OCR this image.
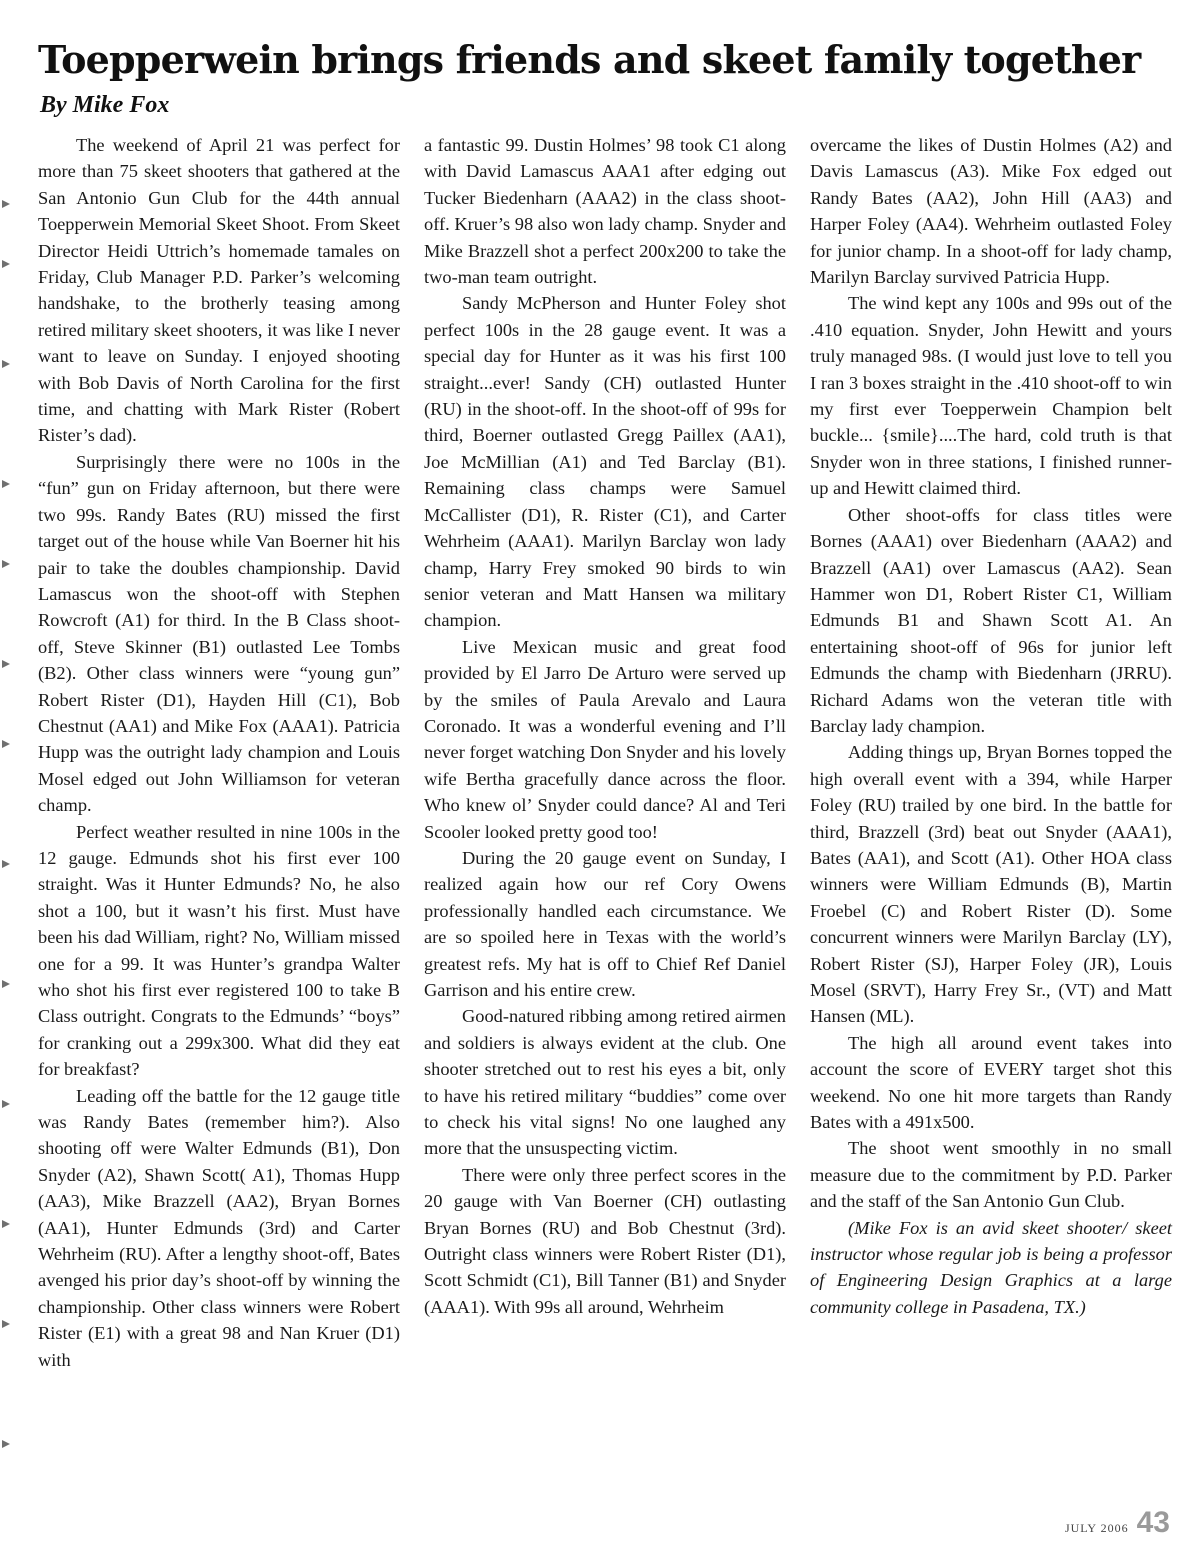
Toepperwein brings friends and skeet family together
By Mike Fox

The weekend of April 21 was perfect for more than 75 skeet shooters that gathered at the San Antonio Gun Club for the 44th annual Toepperwein Memorial Skeet Shoot. From Skeet Director Heidi Uttrich’s homemade tamales on Friday, Club Manager P.D. Parker’s welcoming handshake, to the brotherly teasing among retired military skeet shooters, it was like I never want to leave on Sunday. I enjoyed shooting with Bob Davis of North Carolina for the first time, and chatting with Mark Rister (Robert Rister’s dad).

Surprisingly there were no 100s in the “fun” gun on Friday afternoon, but there were two 99s. Randy Bates (RU) missed the first target out of the house while Van Boerner hit his pair to take the doubles championship. David Lamascus won the shoot-off with Stephen Rowcroft (A1) for third. In the B Class shoot-off, Steve Skinner (B1) outlasted Lee Tombs (B2). Other class winners were “young gun” Robert Rister (D1), Hayden Hill (C1), Bob Chestnut (AA1) and Mike Fox (AAA1). Patricia Hupp was the outright lady champion and Louis Mosel edged out John Williamson for veteran champ.

Perfect weather resulted in nine 100s in the 12 gauge. Edmunds shot his first ever 100 straight. Was it Hunter Edmunds? No, he also shot a 100, but it wasn’t his first. Must have been his dad William, right? No, William missed one for a 99. It was Hunter’s grandpa Walter who shot his first ever registered 100 to take B Class outright. Congrats to the Edmunds’ “boys” for cranking out a 299x300. What did they eat for breakfast?

Leading off the battle for the 12 gauge title was Randy Bates (remember him?). Also shooting off were Walter Edmunds (B1), Don Snyder (A2), Shawn Scott( A1), Thomas Hupp (AA3), Mike Brazzell (AA2), Bryan Bornes (AA1), Hunter Edmunds (3rd) and Carter Wehrheim (RU). After a lengthy shoot-off, Bates avenged his prior day’s shoot-off by winning the championship. Other class winners were Robert Rister (E1) with a great 98 and Nan Kruer (D1) with

a fantastic 99. Dustin Holmes’ 98 took C1 along with David Lamascus AAA1 after edging out Tucker Biedenharn (AAA2) in the class shoot-off. Kruer’s 98 also won lady champ. Snyder and Mike Brazzell shot a perfect 200x200 to take the two-man team outright.

Sandy McPherson and Hunter Foley shot perfect 100s in the 28 gauge event. It was a special day for Hunter as it was his first 100 straight...ever! Sandy (CH) outlasted Hunter (RU) in the shoot-off. In the shoot-off of 99s for third, Boerner outlasted Gregg Paillex (AA1), Joe McMillian (A1) and Ted Barclay (B1). Remaining class champs were Samuel McCallister (D1), R. Rister (C1), and Carter Wehrheim (AAA1). Marilyn Barclay won lady champ, Harry Frey smoked 90 birds to win senior veteran and Matt Hansen wa military champion.

Live Mexican music and great food provided by El Jarro De Arturo were served up by the smiles of Paula Arevalo and Laura Coronado. It was a wonderful evening and I’ll never forget watching Don Snyder and his lovely wife Bertha gracefully dance across the floor. Who knew ol’ Snyder could dance? Al and Teri Scooler looked pretty good too!

During the 20 gauge event on Sunday, I realized again how our ref Cory Owens professionally handled each circumstance. We are so spoiled here in Texas with the world’s greatest refs. My hat is off to Chief Ref Daniel Garrison and his entire crew.

Good-natured ribbing among retired airmen and soldiers is always evident at the club. One shooter stretched out to rest his eyes a bit, only to have his retired military “buddies” come over to check his vital signs! No one laughed any more that the unsuspecting victim.

There were only three perfect scores in the 20 gauge with Van Boerner (CH) outlasting Bryan Bornes (RU) and Bob Chestnut (3rd). Outright class winners were Robert Rister (D1), Scott Schmidt (C1), Bill Tanner (B1) and Snyder (AAA1). With 99s all around, Wehrheim

overcame the likes of Dustin Holmes (A2) and Davis Lamascus (A3). Mike Fox edged out Randy Bates (AA2), John Hill (AA3) and Harper Foley (AA4). Wehrheim outlasted Foley for junior champ. In a shoot-off for lady champ, Marilyn Barclay survived Patricia Hupp.

The wind kept any 100s and 99s out of the .410 equation. Snyder, John Hewitt and yours truly managed 98s. (I would just love to tell you I ran 3 boxes straight in the .410 shoot-off to win my first ever Toepperwein Champion belt buckle... {smile}....The hard, cold truth is that Snyder won in three stations, I finished runner-up and Hewitt claimed third.

Other shoot-offs for class titles were Bornes (AAA1) over Biedenharn (AAA2) and Brazzell (AA1) over Lamascus (AA2). Sean Hammer won D1, Robert Rister C1, William Edmunds B1 and Shawn Scott A1. An entertaining shoot-off of 96s for junior left Edmunds the champ with Biedenharn (JRRU). Richard Adams won the veteran title with Barclay lady champion.

Adding things up, Bryan Bornes topped the high overall event with a 394, while Harper Foley (RU) trailed by one bird. In the battle for third, Brazzell (3rd) beat out Snyder (AAA1), Bates (AA1), and Scott (A1). Other HOA class winners were William Edmunds (B), Martin Froebel (C) and Robert Rister (D). Some concurrent winners were Marilyn Barclay (LY), Robert Rister (SJ), Harper Foley (JR), Louis Mosel (SRVT), Harry Frey Sr., (VT) and Matt Hansen (ML).

The high all around event takes into account the score of EVERY target shot this weekend. No one hit more targets than Randy Bates with a 491x500.

The shoot went smoothly in no small measure due to the commitment by P.D. Parker and the staff of the San Antonio Gun Club.

(Mike Fox is an avid skeet shooter/ skeet instructor whose regular job is being a professor of Engineering Design Graphics at a large community college in Pasadena, TX.)

JULY 2006 43
